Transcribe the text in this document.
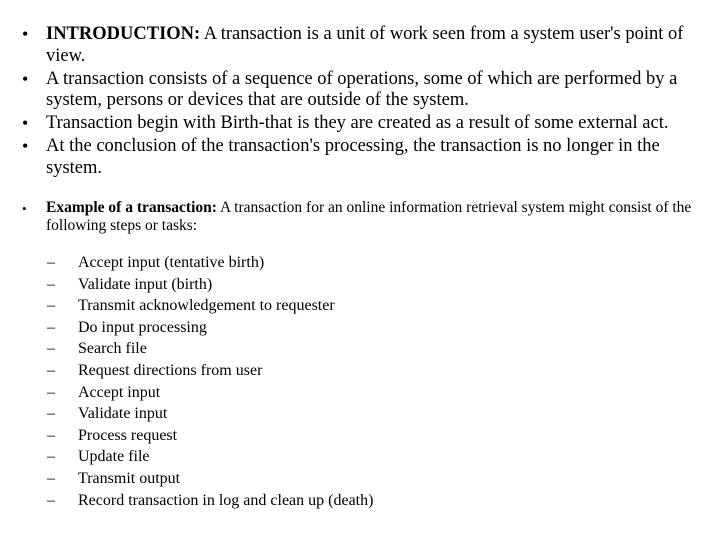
• INTRODUCTION: A transaction is a unit of work seen from a system user's point of view.
• A transaction consists of a sequence of operations, some of which are performed by a system, persons or devices that are outside of the system.
• Transaction begin with Birth-that is they are created as a result of some external act.
• At the conclusion of the transaction's processing, the transaction is no longer in the system.
• Example of a transaction: A transaction for an online information retrieval system might consist of the following steps or tasks:
– Accept input (tentative birth)
– Validate input (birth)
– Transmit acknowledgement to requester
– Do input processing
– Search file
– Request directions from user
– Accept input
– Validate input
– Process request
– Update file
– Transmit output
– Record transaction in log and clean up (death)
